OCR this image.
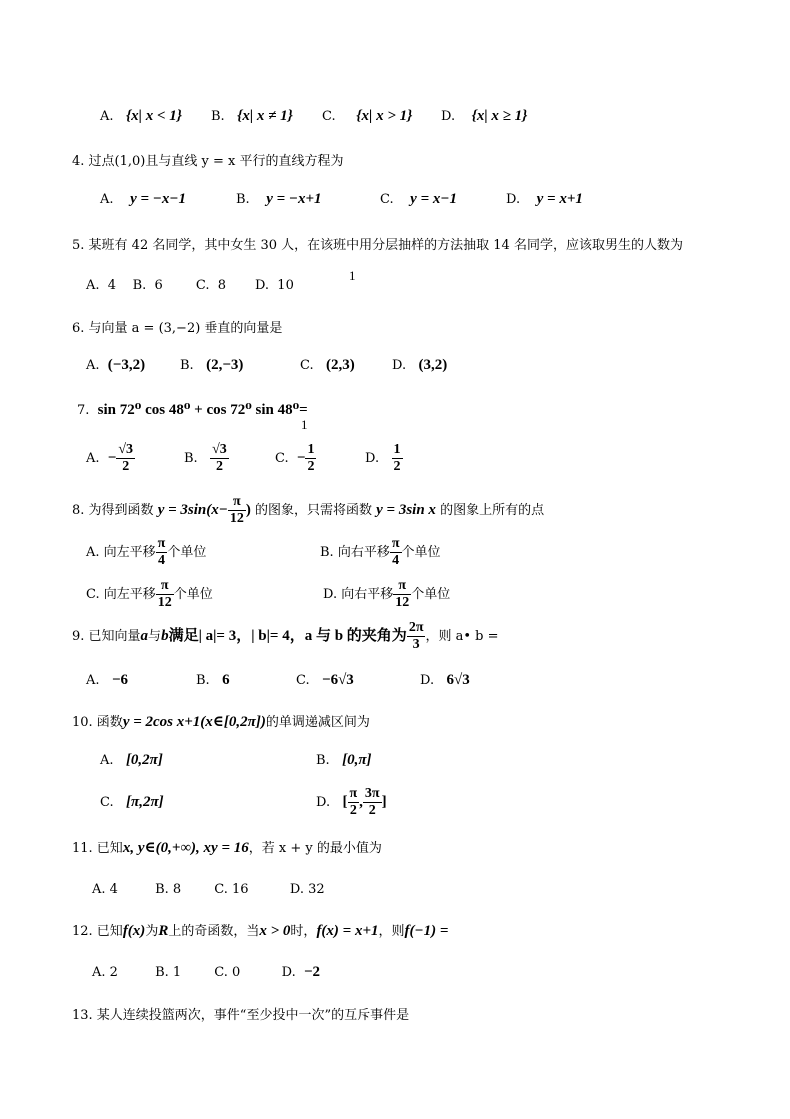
A. {x| x < 1} B. {x| x ≠ 1} C. {x| x > 1} D. {x| x ≥ 1}
4. 过点(1,0)且与直线 y = x 平行的直线方程为
A. y = −x−1	B. y = −x+1	C. y = x−1	D. y = x+1
5. 某班有 42 名同学，其中女生 30 人，在该班中用分层抽样的方法抽取 14 名同学，应该取男生的人数为
A.  4    B.  6        C.  8       D.  10
1
6. 与向量 a = (3,−2) 垂直的向量是
A. (−3,2)	B. (2,−3)	C. (2,3)	D. (3,2)
7. sin 72⁰ cos 48⁰ + cos 72⁰ sin 48⁰=
1
A. − $\frac{√3}{2}$	B. $\frac{√3}{2}$	C. − $\frac{1}{2}$	D. $\frac{1}{2}$
8. 为得到函数 $y = 3\sin(x- \frac{\pi}{12}$ ) 的图象，只需将函数 y = 3sin x 的图象上所有的点
A. 向左平移 $\frac{\pi}{4}$ 个单位	B. 向右平移 $\frac{\pi}{4}$ 个单位
C. 向左平移 $\frac{\pi}{12}$ 个单位	D. 向右平移 $\frac{\pi}{12}$ 个单位
9. 已知向量a与b满足| a|= 3，| b|= 4，a 与 b 的夹角为 $\frac{2\pi}{3}$ ，则 a• b =
A. −6	B. 6	C. −6√3	D. 6√3
10. 函数y = 2cos x+1(x∈[0,2π])的单调递减区间为
A. [0,2π]	B. [0,π]
C. [π,2π]	D. [ $\frac{\pi}{2}$ , $\frac{3\pi}{2}$ ]
11. 已知x, y∈(0,+∞), xy = 16，若 x + y 的最小值为
A. 4         B. 8        C. 16          D. 32
12. 已知f(x)为R上的奇函数，当x > 0时，f(x) = x+1，则f(−1) =
A. 2         B. 1        C. 0          D. −2
13. 某人连续投篮两次，事件“至少投中一次”的互斥事件是
